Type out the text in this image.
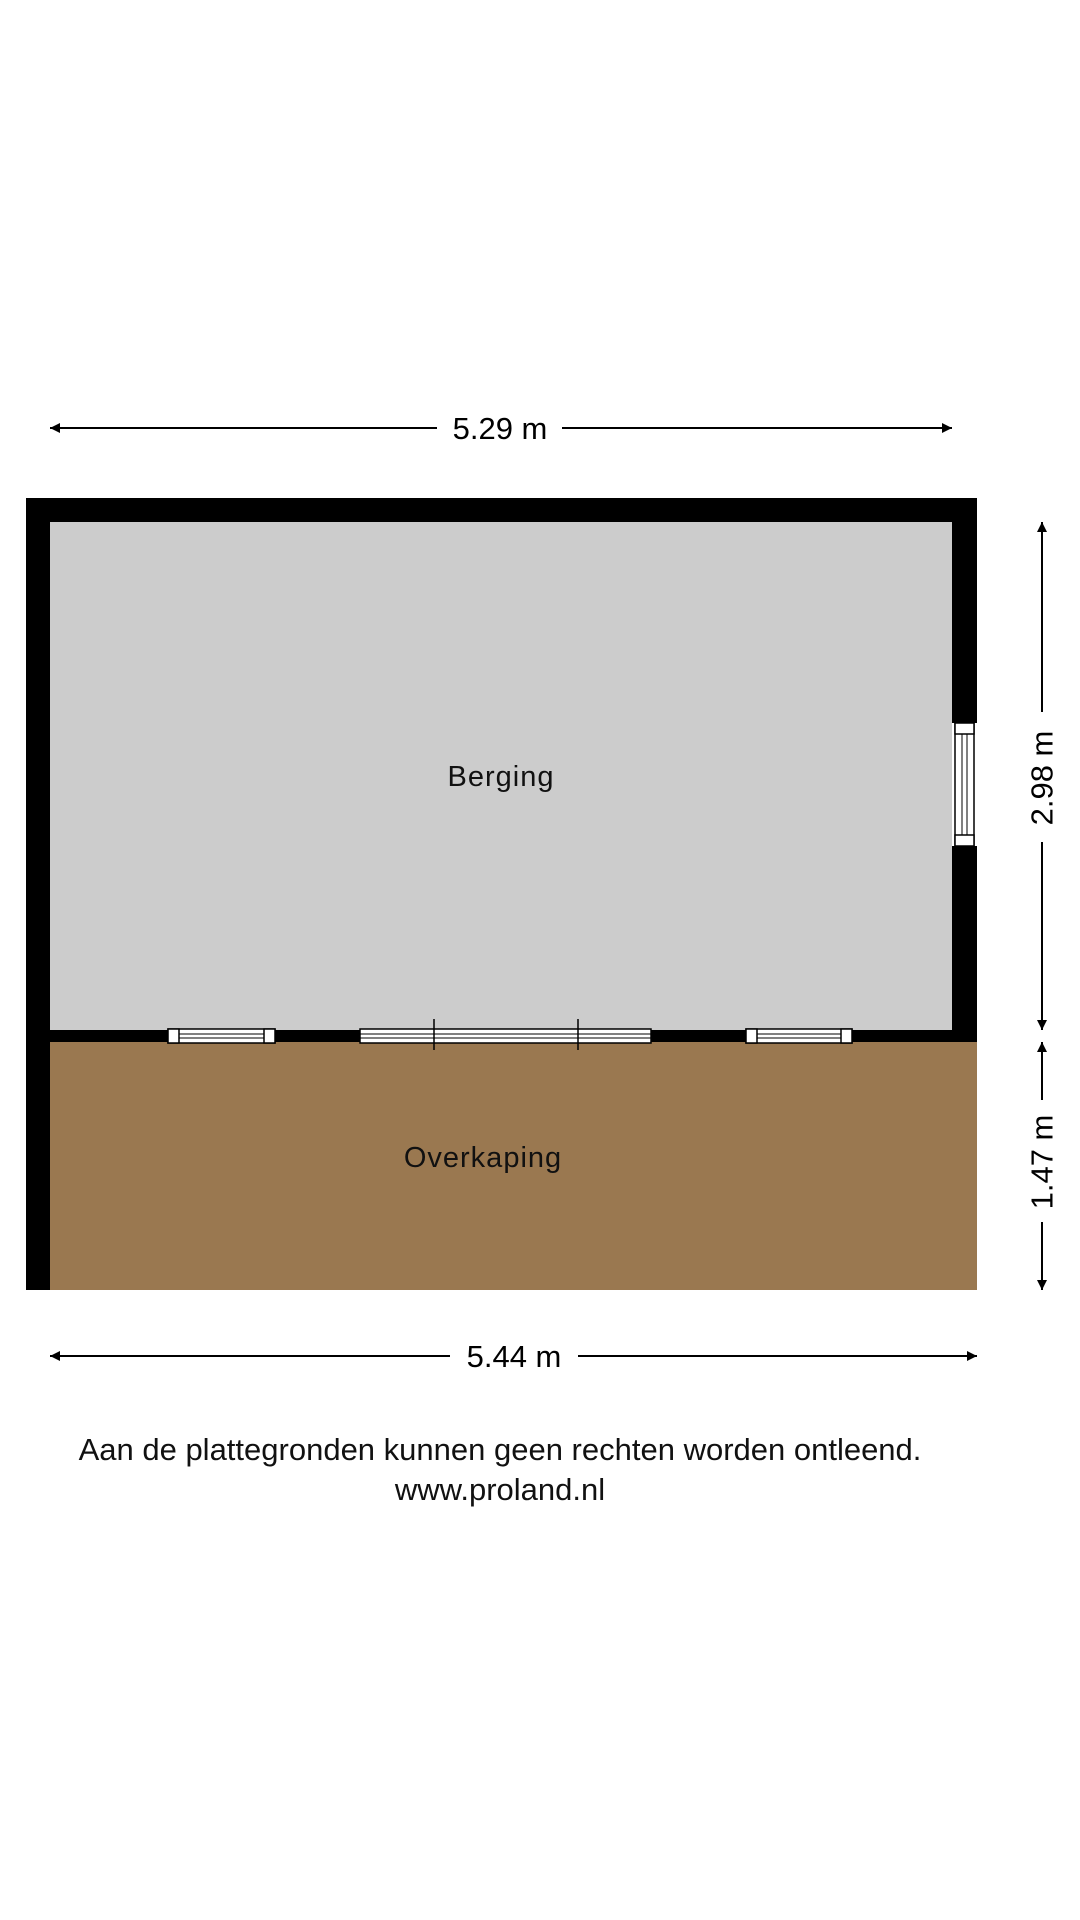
Berging
Overkaping
5.29 m
5.44 m
2.98 m
1.47 m
Aan de plattegronden kunnen geen rechten worden ontleend.
www.proland.nl
